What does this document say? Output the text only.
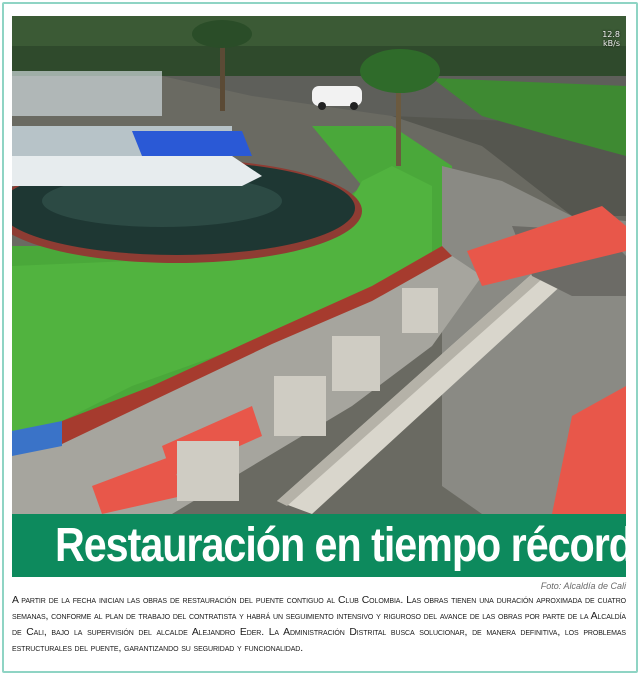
12.8
kB/s
Restauración en tiempo récord
Foto: Alcaldía de Cali
A partir de la fecha inician las obras de restauración del puente contiguo al Club Colombia. Las obras tienen una duración aproximada de cuatro semanas, conforme al plan de trabajo del contratista y habrá un seguimiento intensivo y riguroso del avance de las obras por parte de la Alcaldía de Cali, bajo la supervisión del alcalde Alejandro Eder. La Administración Distrital busca solucionar, de manera definitiva, los problemas estructurales del puente, garantizando su seguridad y funcionalidad.
